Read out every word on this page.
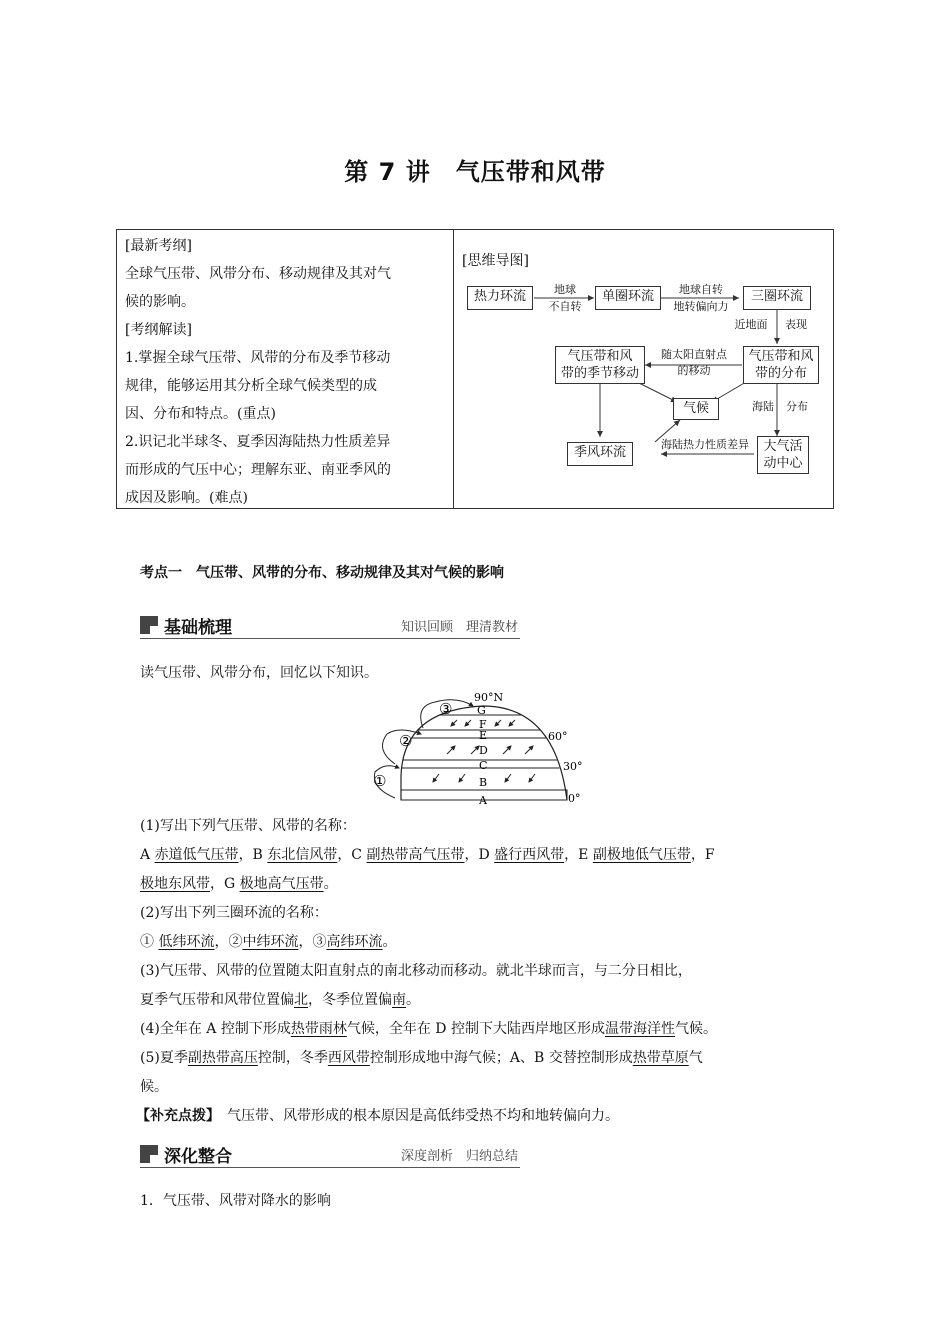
第 7 讲　气压带和风带
[最新考纲]
全球气压带、风带分布、移动规律及其对气
候的影响。
[考纲解读]
1.掌握全球气压带、风带的分布及季节移动
规律，能够运用其分析全球气候类型的成
因、分布和特点。(重点)
2.识记北半球冬、夏季因海陆热力性质差异
而形成的气压中心；理解东亚、南亚季风的
成因及影响。(难点)
[思维导图]
热力环流	地球
不自转
单圈环流	地球自转
地转偏向力
三圈环流
近地面	表现
气压带和风
带的季节移动
随太阳直射点
的移动
气压带和风
带的分布
气候	海陆 分布
海陆热力性质差异
季风环流	大气活
动中心
考点一　气压带、风带的分布、移动规律及其对气候的影响
基础梳理	知识回顾　理清教材
读气压带、风带分布，回忆以下知识。
90°N
60°
30°
0°
G
F
E
D
C
B
A
①
②
③
(1)写出下列气压带、风带的名称：
A 赤道低气压带，B 东北信风带，C 副热带高气压带，D 盛行西风带，E 副极地低气压带，F
极地东风带，G 极地高气压带。
(2)写出下列三圈环流的名称：
① 低纬环流，②中纬环流，③高纬环流。
(3)气压带、风带的位置随太阳直射点的南北移动而移动。就北半球而言，与二分日相比，
夏季气压带和风带位置偏北，冬季位置偏南。
(4)全年在 A 控制下形成热带雨林气候，全年在 D 控制下大陆西岸地区形成温带海洋性气候。
(5)夏季副热带高压控制，冬季西风带控制形成地中海气候；A、B 交替控制形成热带草原气
候。
【补充点拨】　气压带、风带形成的根本原因是高低纬受热不均和地转偏向力。
深化整合	深度剖析　归纳总结
1．气压带、风带对降水的影响
